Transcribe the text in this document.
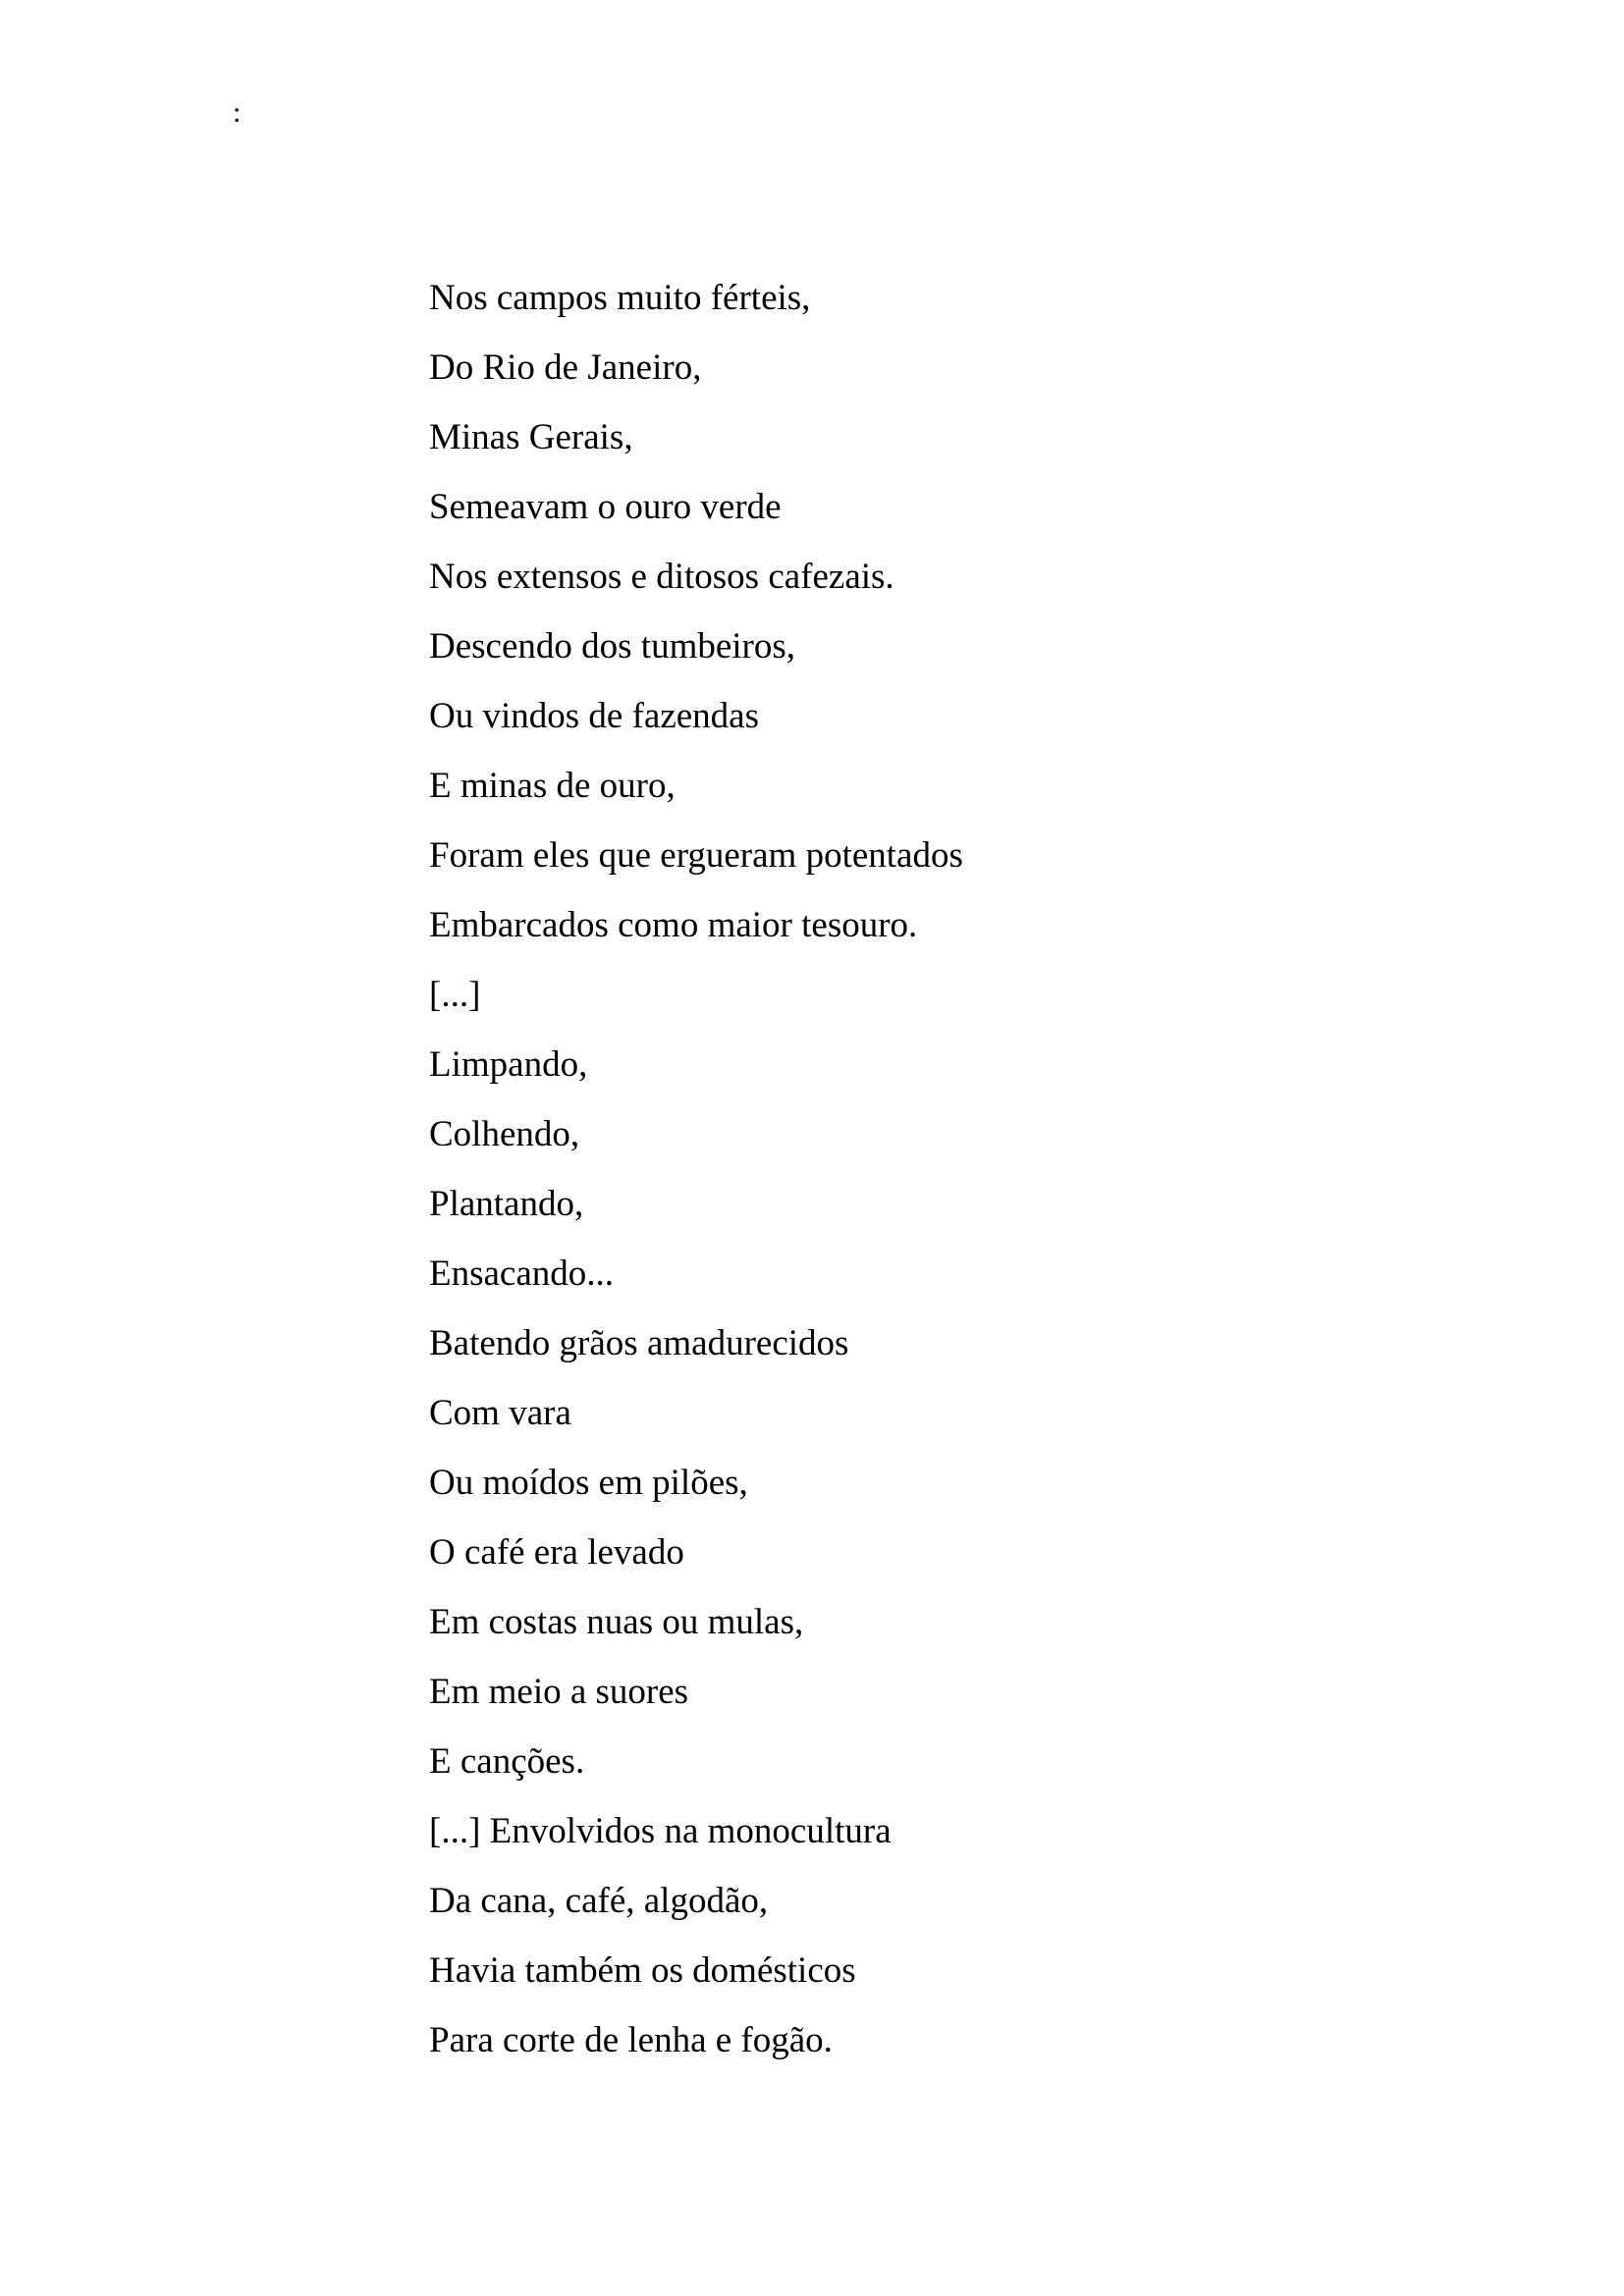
:
Nos campos muito férteis,
Do Rio de Janeiro,
Minas Gerais,
Semeavam o ouro verde
Nos extensos e ditosos cafezais.
Descendo dos tumbeiros,
Ou vindos de fazendas
E minas de ouro,
Foram eles que ergueram potentados
Embarcados como maior tesouro.
[...]
Limpando,
Colhendo,
Plantando,
Ensacando...
Batendo grãos amadurecidos
Com vara
Ou moídos em pilões,
O café era levado
Em costas nuas ou mulas,
Em meio a suores
E canções.
[...] Envolvidos na monocultura
Da cana, café, algodão,
Havia também os domésticos
Para corte de lenha e fogão.
